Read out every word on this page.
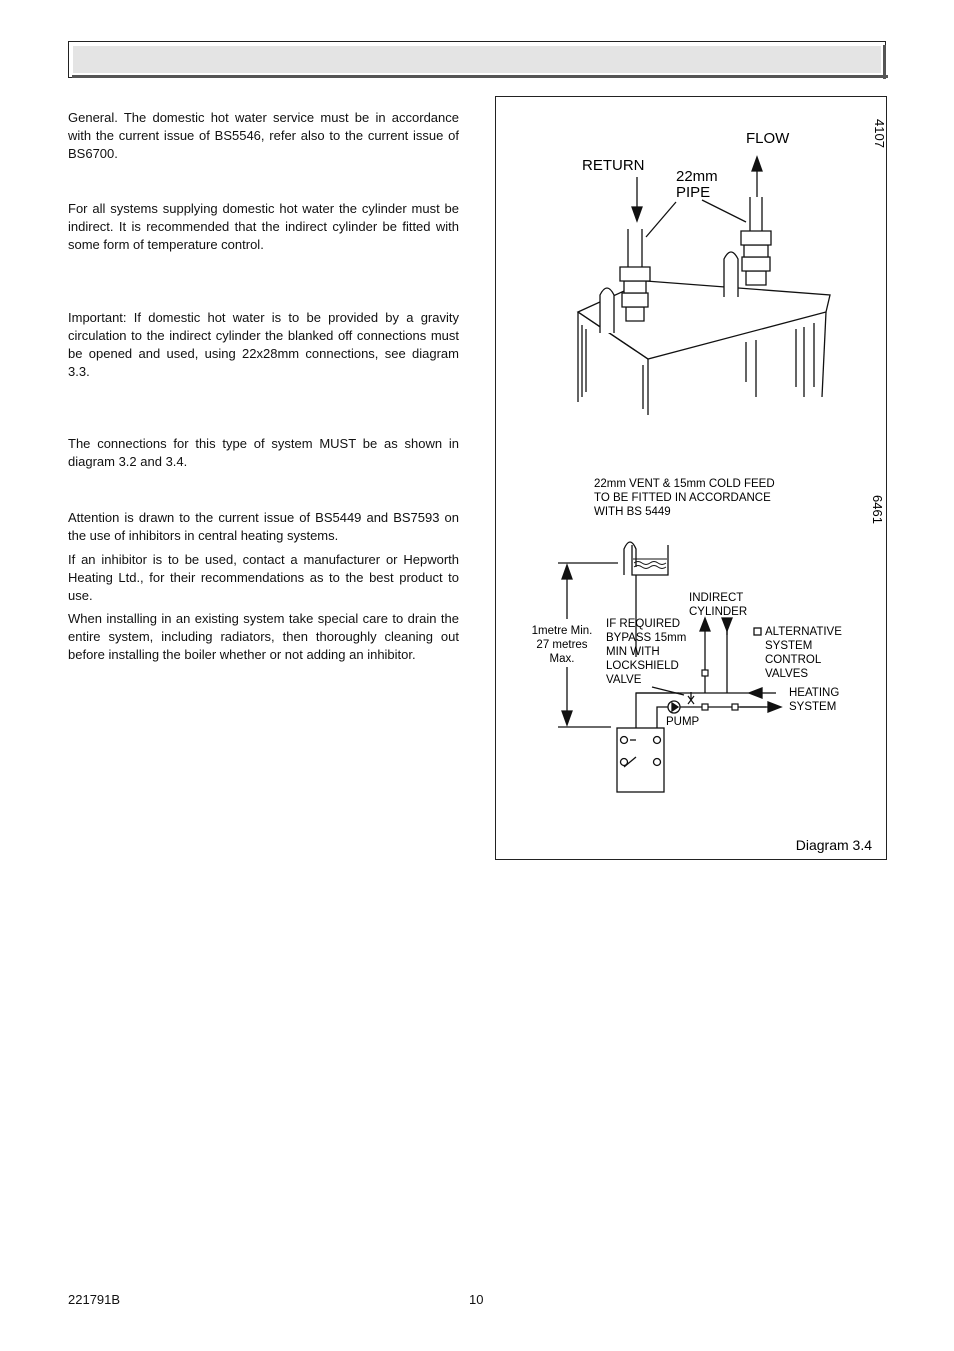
General. The domestic hot water service must be in accordance with the current issue of BS5546, refer also to the current issue of BS6700.

For all systems supplying domestic hot water the cylinder must be indirect. It is recommended that the indirect cylinder be fitted with some form of temperature control.

Important: If domestic hot water is to be provided by a gravity circulation to the indirect cylinder the blanked off connections must be opened and used, using 22x28mm connections, see diagram 3.3.

The connections for this type of system MUST be as shown in diagram 3.2 and 3.4.

Attention is drawn to the current issue of BS5449 and BS7593 on the use of inhibitors in central heating systems.

If an inhibitor is to be used, contact a manufacturer or Hepworth Heating Ltd., for their recommendations as to the best product to use.

When installing in an existing system take special care to drain the entire system, including radiators, then thoroughly cleaning out before installing the boiler whether or not adding an inhibitor.

4107
FLOW
RETURN
22mm
PIPE
6461
22mm VENT & 15mm COLD FEED
TO BE FITTED IN ACCORDANCE
WITH BS 5449
1metre Min.
27 metres
Max.
INDIRECT
CYLINDER
IF REQUIRED
BYPASS 15mm
MIN WITH
LOCKSHIELD
VALVE
ALTERNATIVE
SYSTEM
CONTROL
VALVES
HEATING
SYSTEM
PUMP
Diagram 3.4
221791B	10
